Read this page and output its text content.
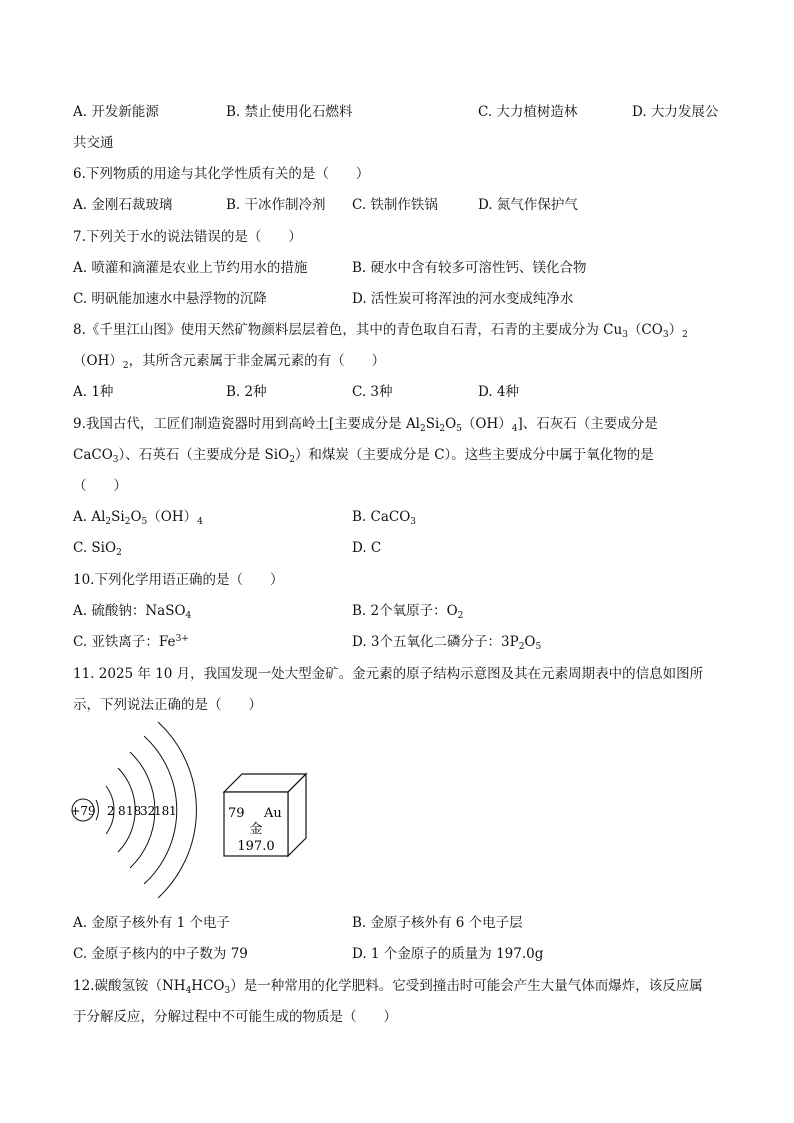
A. 开发新能源	B. 禁止使用化石燃料	C. 大力植树造林	D. 大力发展公
共交通
6.下列物质的用途与其化学性质有关的是（　　）
A. 金刚石裁玻璃	B. 干冰作制冷剂 C. 铁制作铁锅	D. 氮气作保护气
7.下列关于水的说法错误的是（　　）
A. 喷灌和滴灌是农业上节约用水的措施	B. 硬水中含有较多可溶性钙、镁化合物
C. 明矾能加速水中悬浮物的沉降	D. 活性炭可将浑浊的河水变成纯净水
8.《千里江山图》使用天然矿物颜料层层着色，其中的青色取自石青，石青的主要成分为 $Cu_3(CO_3)_2$
$(OH)_2$，其所含元素属于非金属元素的有（　　）
A. 1种	B. 2种	C. 3种	D. 4种
9.我国古代，工匠们制造瓷器时用到高岭土[主要成分是 $Al_2Si_2O_5(OH)_4$]、石灰石（主要成分是
CaCO$_3$）、石英石（主要成分是 SiO$_2$）和煤炭（主要成分是 C）。这些主要成分中属于氧化物的是
（　　）
A. $Al_2Si_2O_5(OH)_4$	B. CaCO$_3$
C. SiO$_2$	D. C
10.下列化学用语正确的是（　　）
A. 硫酸钠：NaSO$_4$	B. 2个氧原子：$O_2$
C. 亚铁离子：$Fe^{3+}$	D. 3个五氧化二磷分子：$3P_2O_5$
11. 2025 年 10 月，我国发现一处大型金矿。金元素的原子结构示意图及其在元素周期表中的信息如图所
示，下列说法正确的是（　　）
+79 2 8 18
32
18 1	79 Au
金
197.0
A. 金原子核外有 1 个电子	B. 金原子核外有 6 个电子层
C. 金原子核内的中子数为 79	D. 1 个金原子的质量为 197.0g
12.碳酸氢铵$(NH_4HCO_3)$是一种常用的化学肥料。它受到撞击时可能会产生大量气体而爆炸，该反应属
于分解反应，分解过程中不可能生成的物质是（　　）
